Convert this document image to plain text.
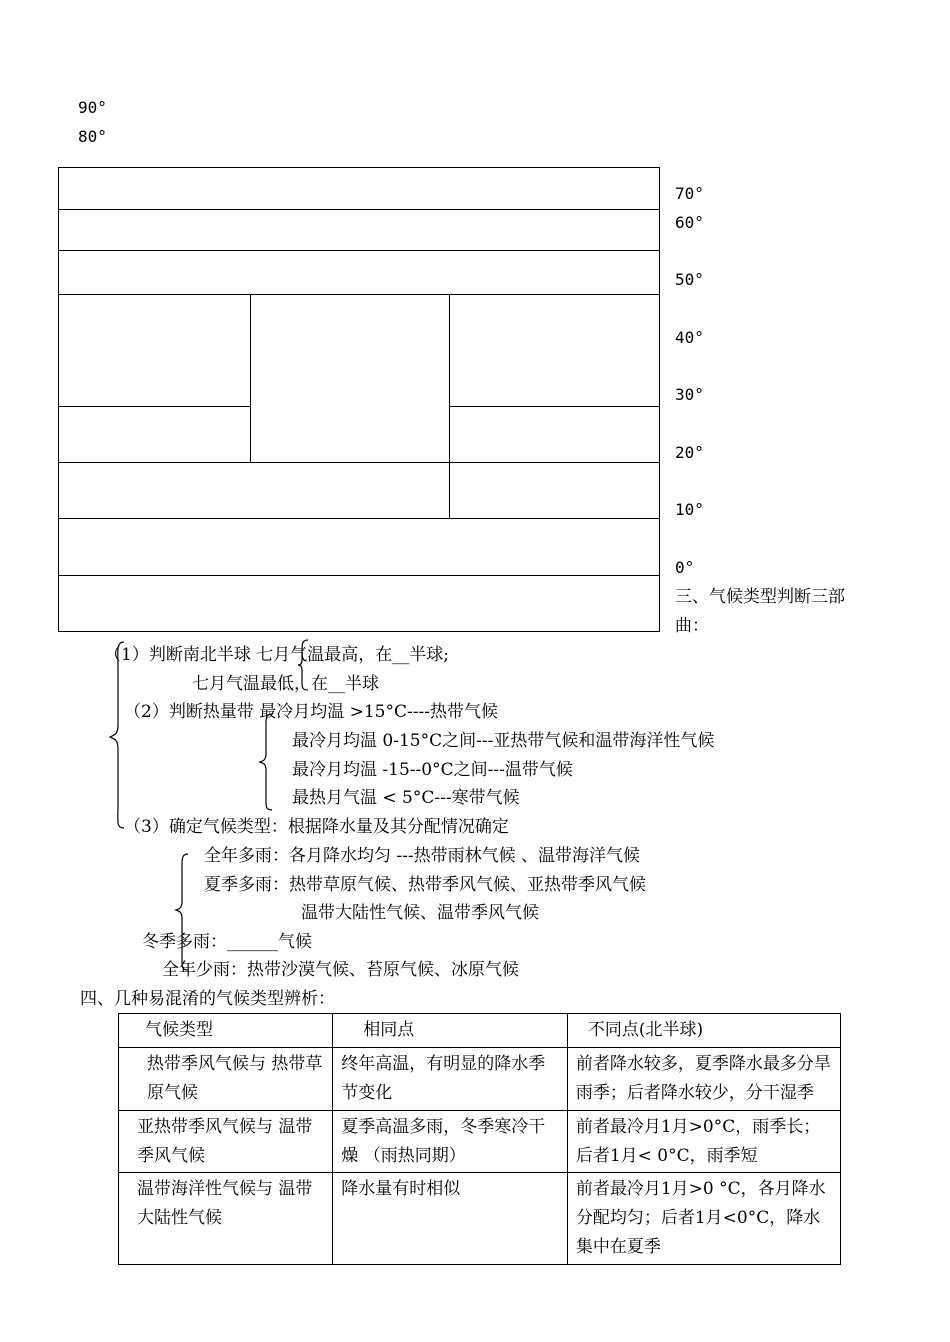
90°
80°
70°
60°
50°
40°
30°
20°
10°
0°
三、气候类型判断三部
曲：
（1）判断南北半球 七月气温最高，在__半球;
七月气温最低，在__半球
（2）判断热量带 最冷月均温 >15°C----热带气候
最冷月均温 0-15°C之间---亚热带气候和温带海洋性气候
最冷月均温 -15--0°C之间---温带气候
最热月气温 < 5°C---寒带气候
（3）确定气候类型：根据降水量及其分配情况确定
全年多雨：各月降水均匀 ---热带雨林气候 、温带海洋气候
夏季多雨：热带草原气候、热带季风气候、亚热带季风气候
温带大陆性气候、温带季风气候
冬季多雨：______气候
全年少雨：热带沙漠气候、苔原气候、冰原气候
四、几种易混淆的气候类型辨析：
气候类型	相同点	不同点(北半球)
热带季风气候与 热带草原气候	终年高温，有明显的降水季节变化	前者降水较多，夏季降水最多分旱雨季；后者降水较少，分干湿季
亚热带季风气候与 温带季风气候	夏季高温多雨，冬季寒冷干燥 （雨热同期）	前者最冷月1月>0°C，雨季长；后者1月< 0°C，雨季短
温带海洋性气候与 温带大陆性气候	降水量有时相似	前者最冷月1月>0 °C，各月降水分配均匀；后者1月<0°C，降水集中在夏季
